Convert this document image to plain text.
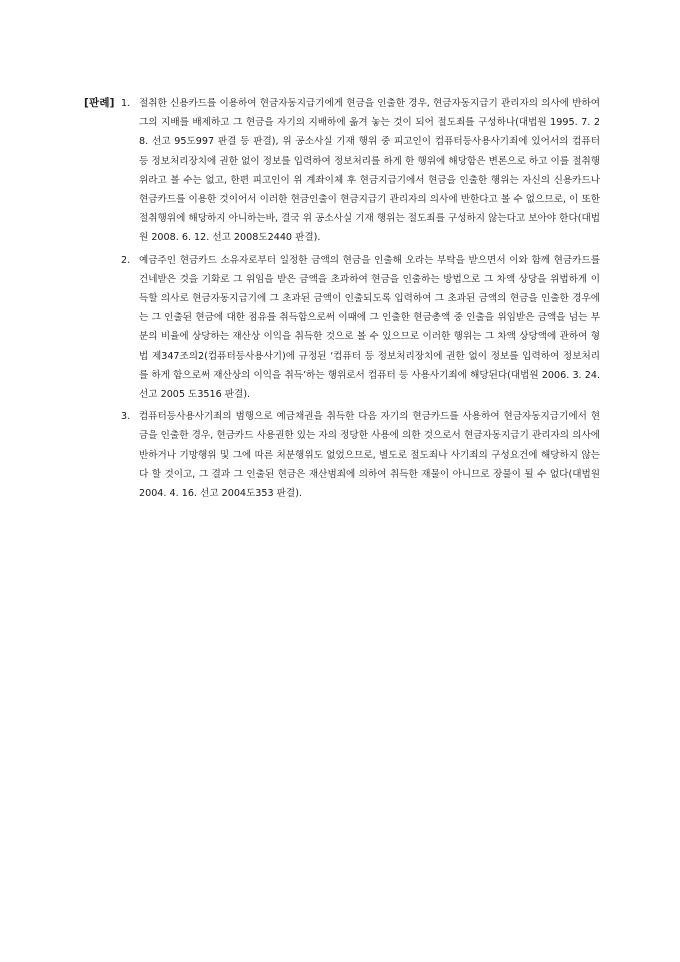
[판례] 1. 절취한 신용카드를 이용하여 현금자동지급기에게 현금을 인출한 경우, 현금자동지급기 관리자의 의사에 반하여 그의 지배를 배제하고 그 현금을 자기의 지배하에 옮겨 놓는 것이 되어 절도죄를 구성하나(대법원 1995. 7. 28. 선고 95도997 판결 등 판결), 위 공소사실 기재 행위 중 피고인이 컴퓨터등사용사기죄에 있어서의 컴퓨터 등 정보처리장치에 권한 없이 정보를 입력하여 정보처리를 하게 한 행위에 해당함은 변론으로 하고 이를 절취행위라고 볼 수는 없고, 한편 피고인이 위 계좌이체 후 현금지급기에서 현금을 인출한 행위는 자신의 신용카드나 현금카드를 이용한 것이어서 이러한 현금인출이 현금지급기 관리자의 의사에 반한다고 볼 수 없으므로, 이 또한 절취행위에 해당하지 아니하는바, 결국 위 공소사실 기재 행위는 절도죄를 구성하지 않는다고 보아야 한다(대법원 2008. 6. 12. 선고 2008도2440 판결).
2. 예금주인 현금카드 소유자로부터 일정한 금액의 현금을 인출해 오라는 부탁을 받으면서 이와 함께 현금카드를 건네받은 것을 기화로 그 위임을 받은 금액을 초과하여 현금을 인출하는 방법으로 그 차액 상당을 위법하게 이득할 의사로 현금자동지급기에 그 초과된 금액이 인출되도록 입력하여 그 초과된 금액의 현금을 인출한 경우에는 그 인출된 현금에 대한 점유를 취득함으로써 이때에 그 인출한 현금총액 중 인출을 위임받은 금액을 넘는 부분의 비율에 상당하는 재산상 이익을 취득한 것으로 볼 수 있으므로 이러한 행위는 그 차액 상당액에 관하여 형법 제347조의2(컴퓨터등사용사기)에 규정된 ‘컴퓨터 등 정보처리장치에 권한 없이 정보를 입력하여 정보처리를 하게 함으로써 재산상의 이익을 취득’하는 행위로서 컴퓨터 등 사용사기죄에 해당된다(대법원 2006. 3. 24. 선고 2005 도3516 판결).
3. 컴퓨터등사용사기죄의 범행으로 예금채권을 취득한 다음 자기의 현금카드를 사용하여 현금자동지급기에서 현금을 인출한 경우, 현금카드 사용권한 있는 자의 정당한 사용에 의한 것으로서 현금자동지급기 관리자의 의사에 반하거나 기망행위 및 그에 따른 처분행위도 없었으므로, 별도로 절도죄나 사기죄의 구성요건에 해당하지 않는다 할 것이고, 그 결과 그 인출된 현금은 재산범죄에 의하여 취득한 재물이 아니므로 장물이 될 수 없다(대법원 2004. 4. 16. 선고 2004도353 판결).
